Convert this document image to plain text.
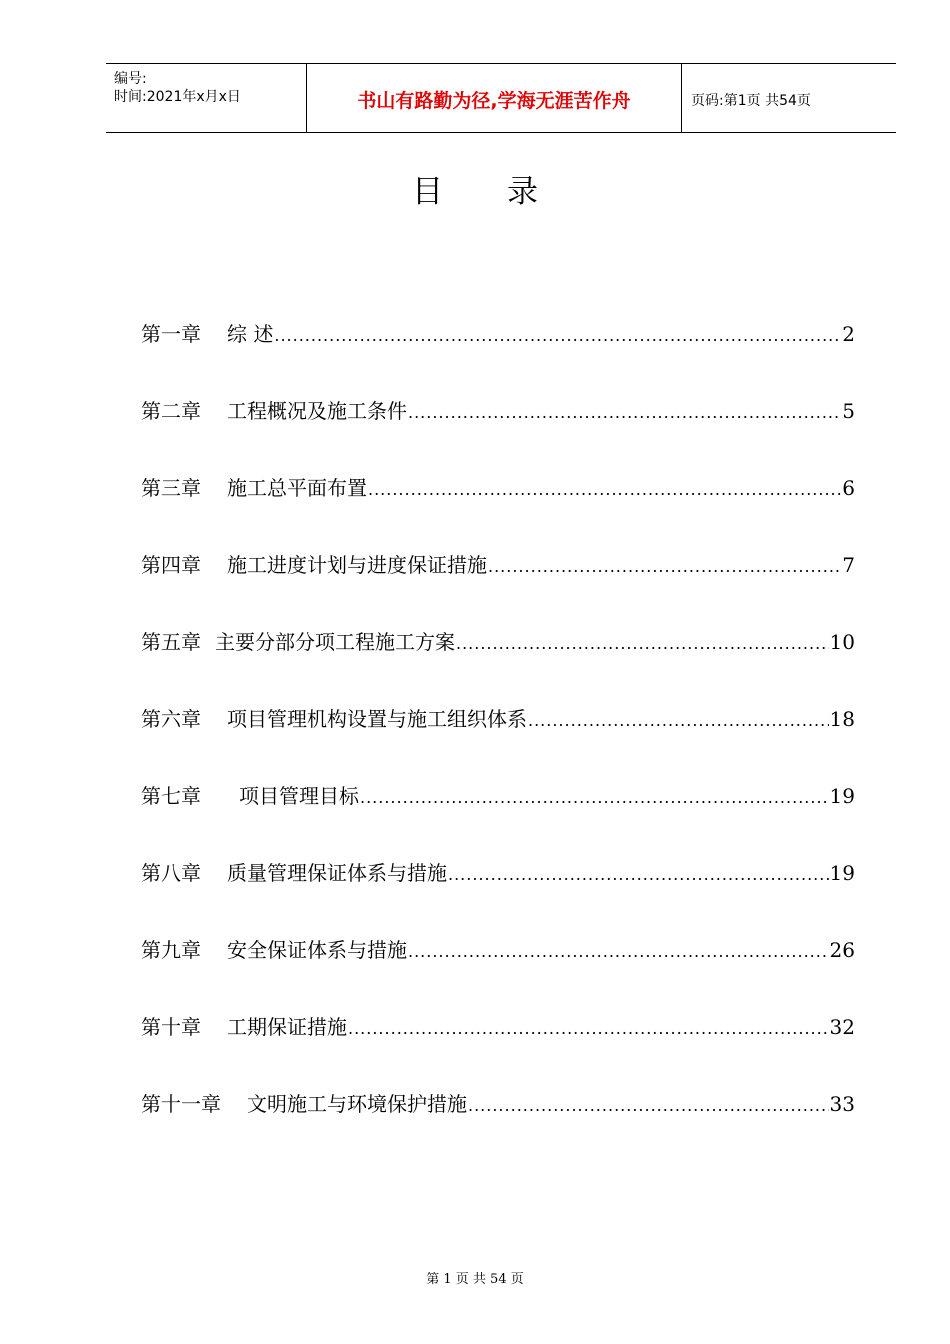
编号:
时间:2021年x月x日	书山有路勤为径,学海无涯苦作舟	页码:第1页 共54页
目录
第一章 综 述 .....	2
第二章 工程概况及施工条件 .....	5
第三章 施工总平面布置 .....	6
第四章 施工进度计划与进度保证措施 .....	7
第五章 主要分部分项工程施工方案 .....	10
第六章 项目管理机构设置与施工组织体系 .....	18
第七章 项目管理目标 .....	19
第八章 质量管理保证体系与措施 .....	19
第九章 安全保证体系与措施 .....	26
第十章 工期保证措施 .....	32
第十一章 文明施工与环境保护措施 .....	33
第 1 页 共 54 页
